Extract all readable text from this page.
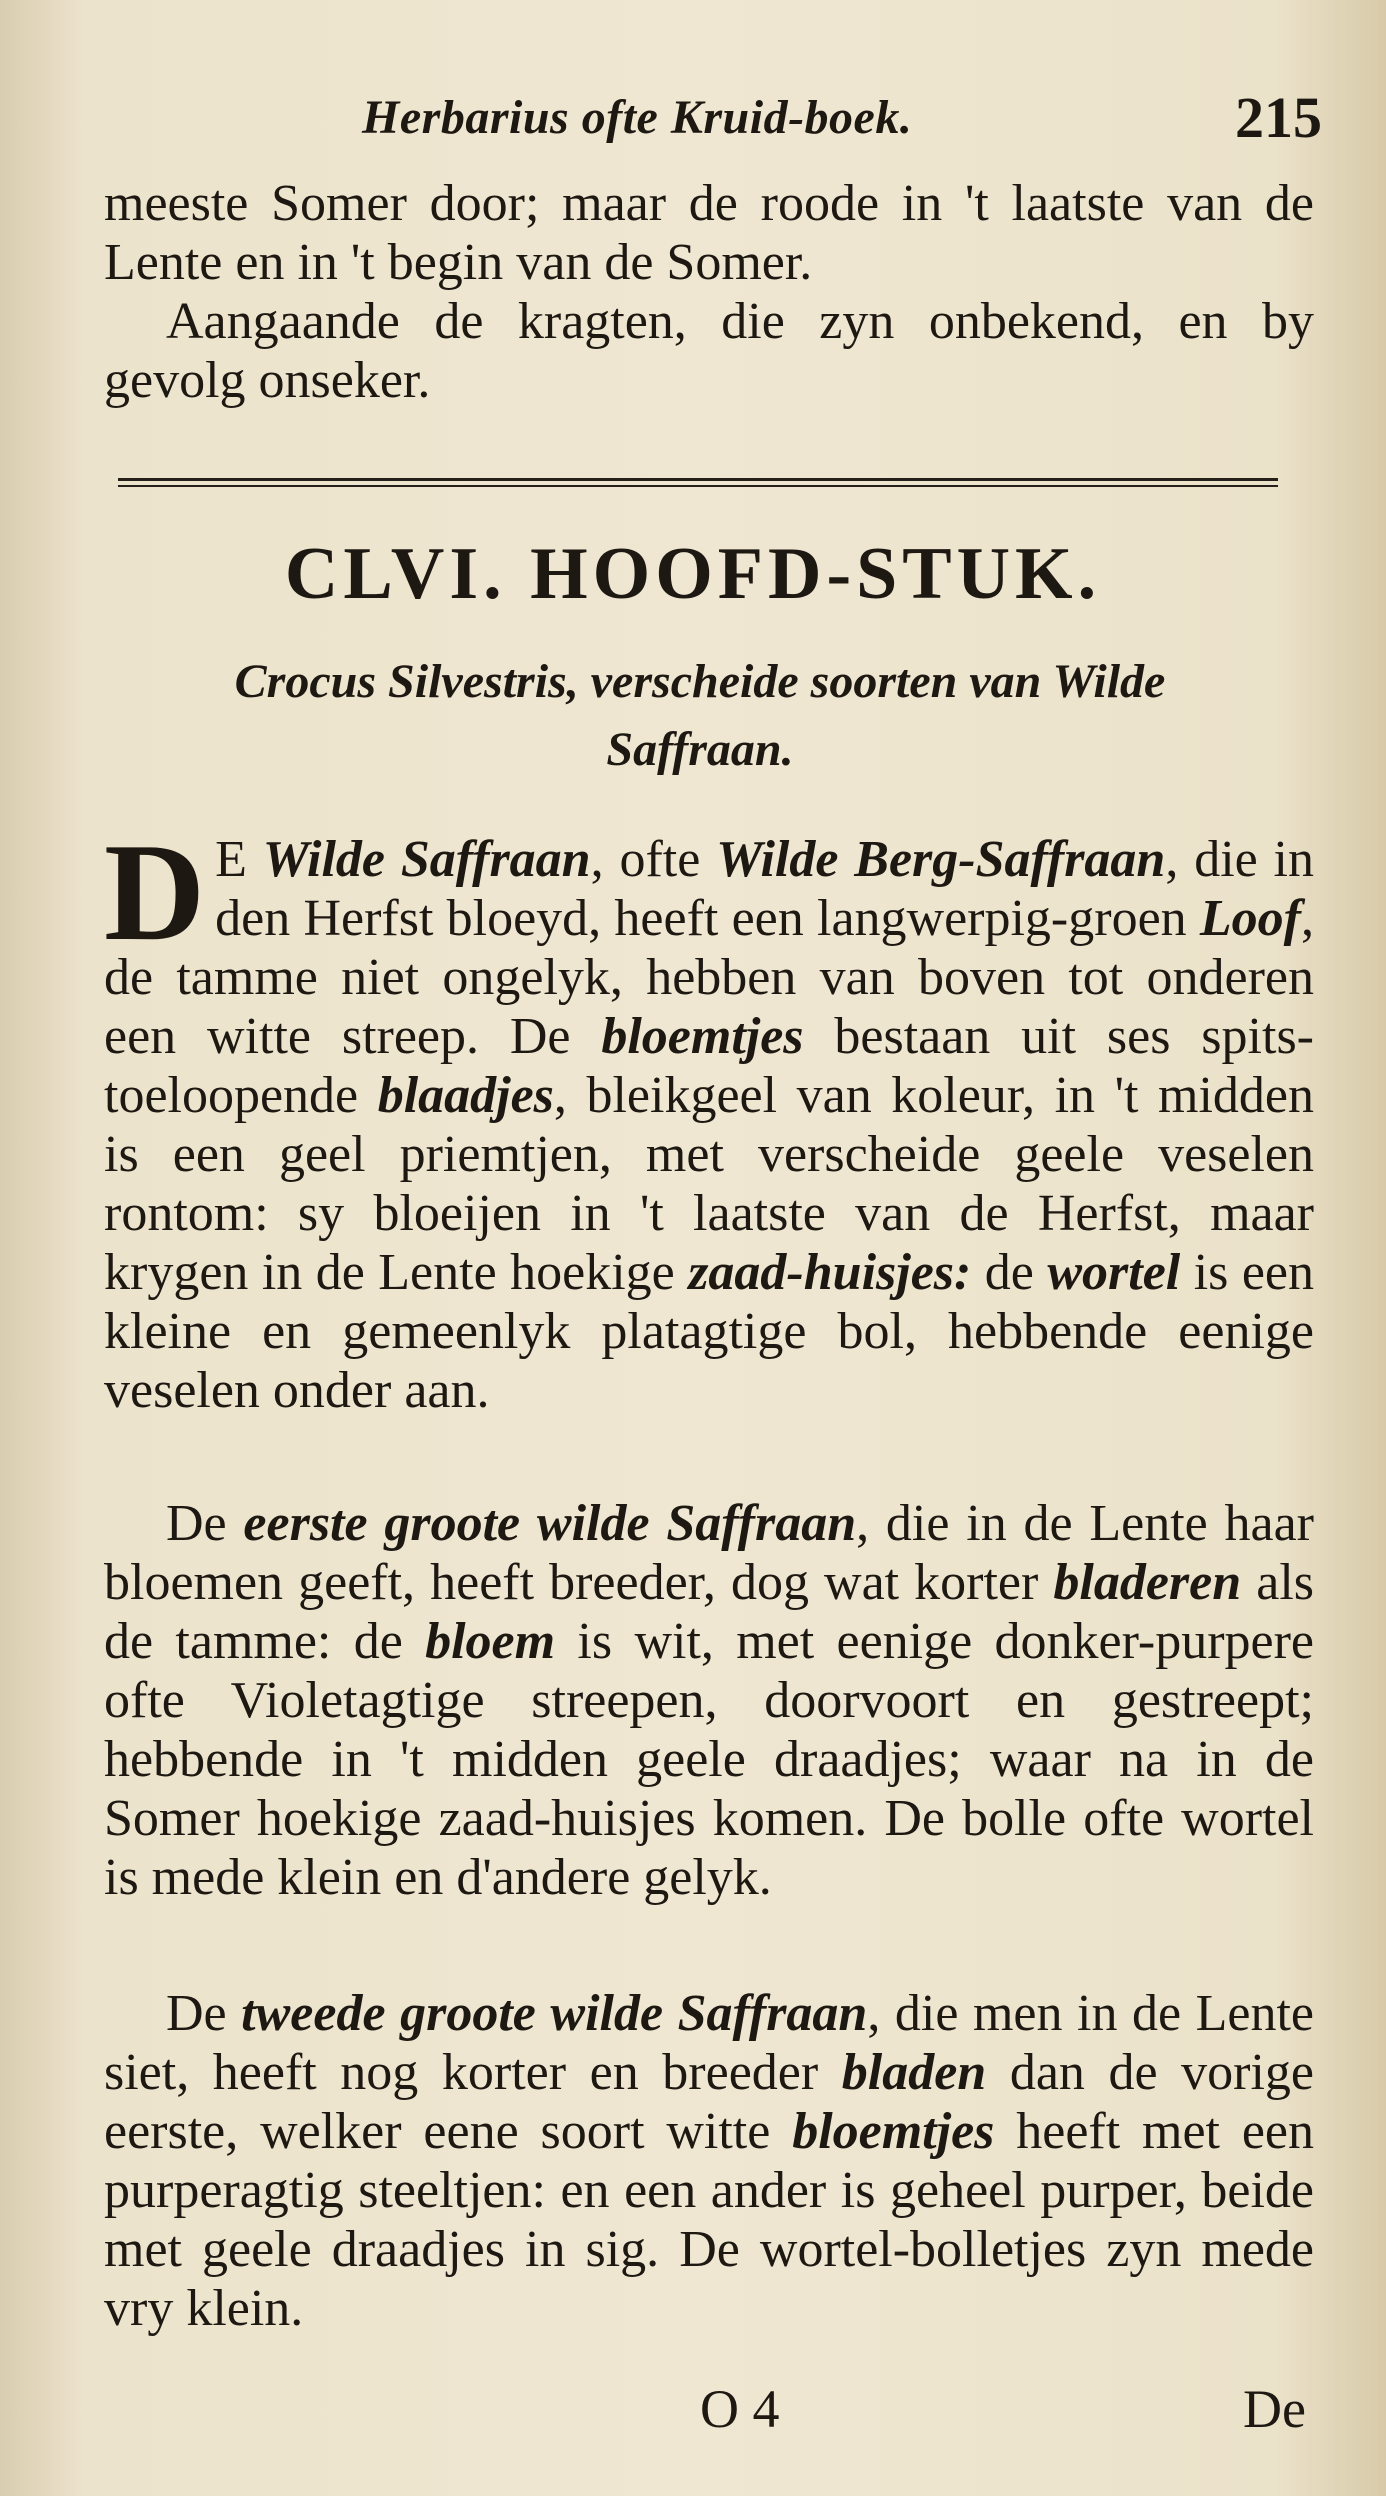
Herbarius ofte Kruid-boek.	215
meeste Somer door; maar de roode in 't laatste van de Lente en in 't begin van de Somer.
Aangaande de kragten, die zyn onbekend, en by gevolg onseker.
CLVI. HOOFD-STUK.
Crocus Silvestris, verscheide soorten van Wilde Saffraan.
D E Wilde Saffraan, ofte Wilde Berg-Saffraan, die in den Herfst bloeyd, heeft een langwerpig-groen Loof, de tamme niet ongelyk, hebben van boven tot onderen een witte streep. De bloemtjes bestaan uit ses spits-toeloopende blaadjes, bleikgeel van koleur, in 't midden is een geel priemtjen, met verscheide geele veselen rontom: sy bloeijen in 't laatste van de Herfst, maar krygen in de Lente hoekige zaad-huisjes: de wortel is een kleine en gemeenlyk platagtige bol, hebbende eenige veselen onder aan.
De eerste groote wilde Saffraan, die in de Lente haar bloemen geeft, heeft breeder, dog wat korter bladeren als de tamme: de bloem is wit, met eenige donker-purpere ofte Violetagtige streepen, doorvoort en gestreept; hebbende in 't midden geele draadjes; waar na in de Somer hoekige zaad-huisjes komen. De bolle ofte wortel is mede klein en d'andere gelyk.
De tweede groote wilde Saffraan, die men in de Lente siet, heeft nog korter en breeder bladen dan de vorige eerste, welker eene soort witte bloemtjes heeft met een purperagtig steeltjen: en een ander is geheel purper, beide met geele draadjes in sig. De wortel-bolletjes zyn mede vry klein.
O 4	De
